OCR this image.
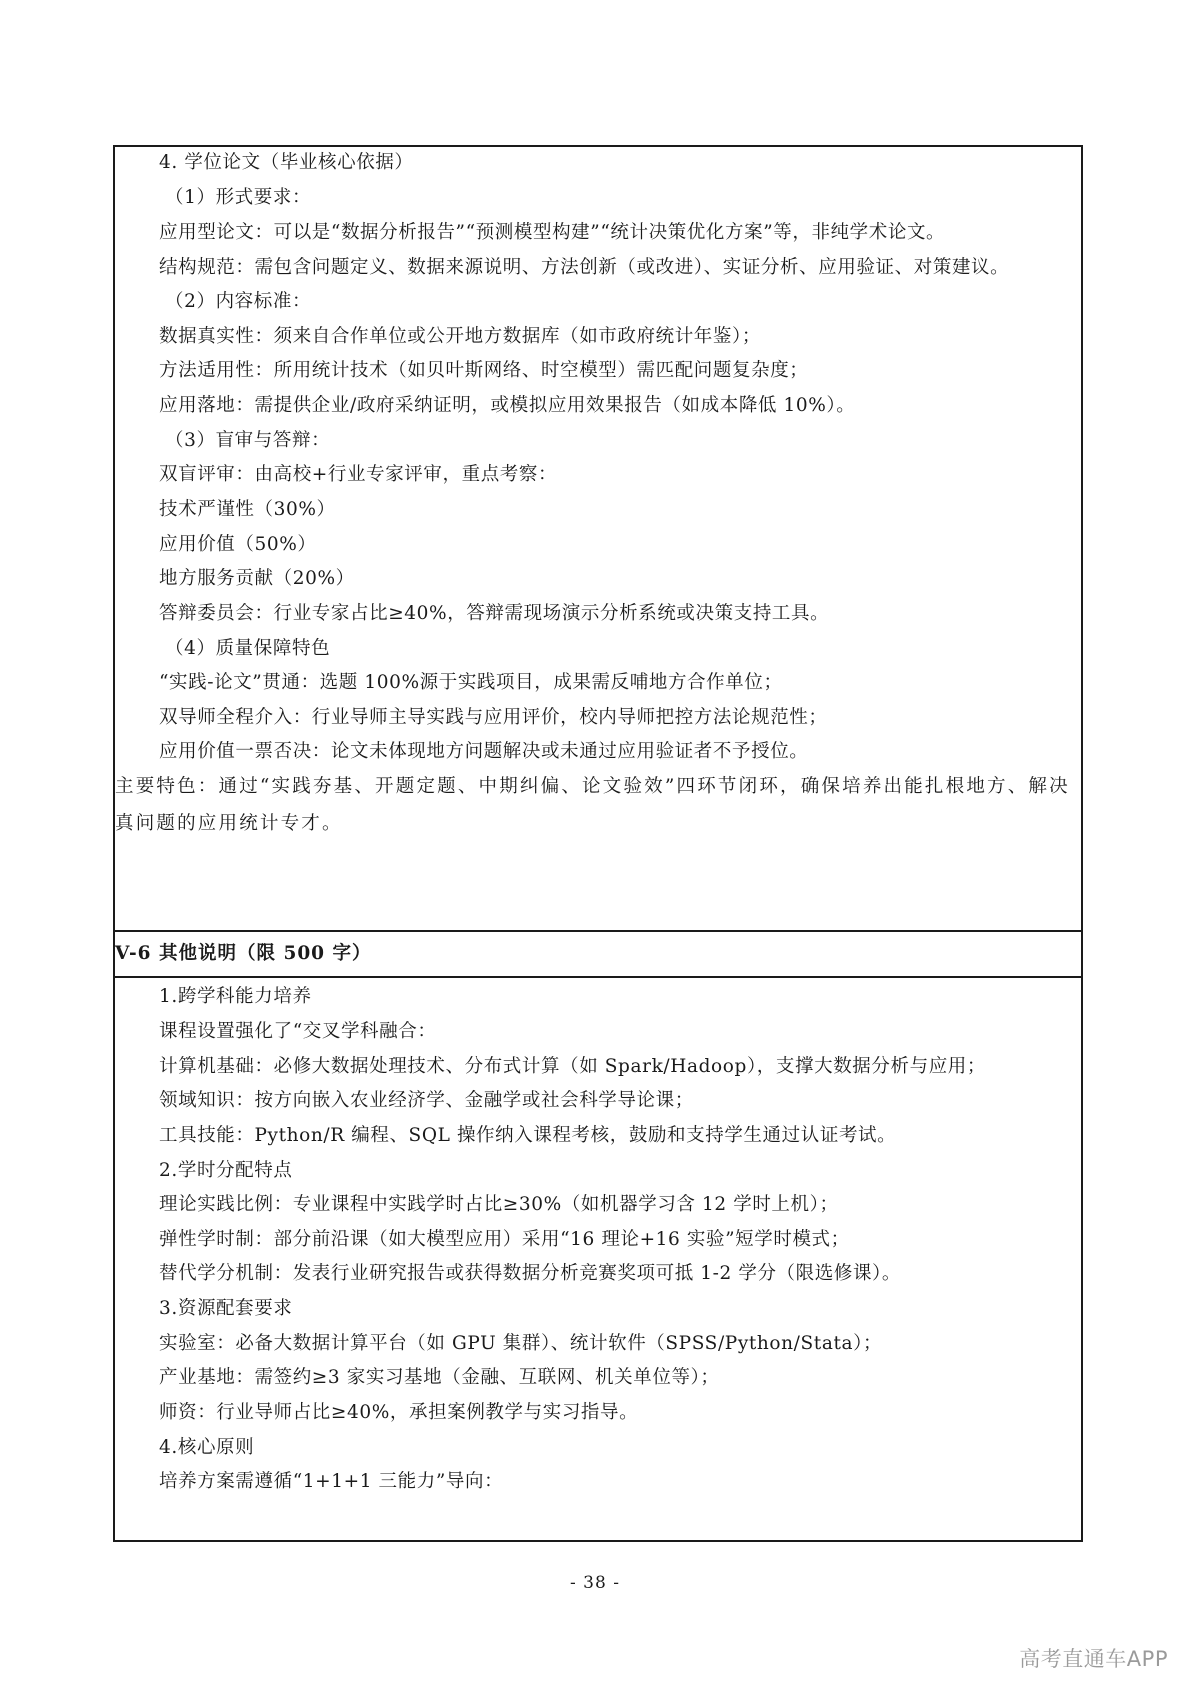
4. 学位论文（毕业核心依据）
（1）形式要求：
应用型论文：可以是“数据分析报告”“预测模型构建”“统计决策优化方案”等，非纯学术论文。
结构规范：需包含问题定义、数据来源说明、方法创新（或改进）、实证分析、应用验证、对策建议。
（2）内容标准：
数据真实性：须来自合作单位或公开地方数据库（如市政府统计年鉴）；
方法适用性：所用统计技术（如贝叶斯网络、时空模型）需匹配问题复杂度；
应用落地：需提供企业/政府采纳证明，或模拟应用效果报告（如成本降低 10%）。
（3）盲审与答辩：
双盲评审：由高校+行业专家评审，重点考察：
技术严谨性（30%）
应用价值（50%）
地方服务贡献（20%）
答辩委员会：行业专家占比≥40%，答辩需现场演示分析系统或决策支持工具。
（4）质量保障特色
“实践-论文”贯通：选题 100%源于实践项目，成果需反哺地方合作单位；
双导师全程介入：行业导师主导实践与应用评价，校内导师把控方法论规范性；
应用价值一票否决：论文未体现地方问题解决或未通过应用验证者不予授位。
主要特色：通过“实践夯基、开题定题、中期纠偏、论文验效”四环节闭环，确保培养出能扎根地方、解决真问题的应用统计专才。
V-6 其他说明（限 500 字）
1.跨学科能力培养
课程设置强化了“交叉学科融合：
计算机基础：必修大数据处理技术、分布式计算（如 Spark/Hadoop），支撑大数据分析与应用；
领域知识：按方向嵌入农业经济学、金融学或社会科学导论课；
工具技能：Python/R 编程、SQL 操作纳入课程考核，鼓励和支持学生通过认证考试。
2.学时分配特点
理论实践比例：专业课程中实践学时占比≥30%（如机器学习含 12 学时上机）；
弹性学时制：部分前沿课（如大模型应用）采用“16 理论+16 实验”短学时模式；
替代学分机制：发表行业研究报告或获得数据分析竞赛奖项可抵 1-2 学分（限选修课）。
3.资源配套要求
实验室：必备大数据计算平台（如 GPU 集群）、统计软件（SPSS/Python/Stata）；
产业基地：需签约≥3 家实习基地（金融、互联网、机关单位等）；
师资：行业导师占比≥40%，承担案例教学与实习指导。
4.核心原则
培养方案需遵循“1+1+1 三能力”导向：
- 38 -
高考直通车APP
